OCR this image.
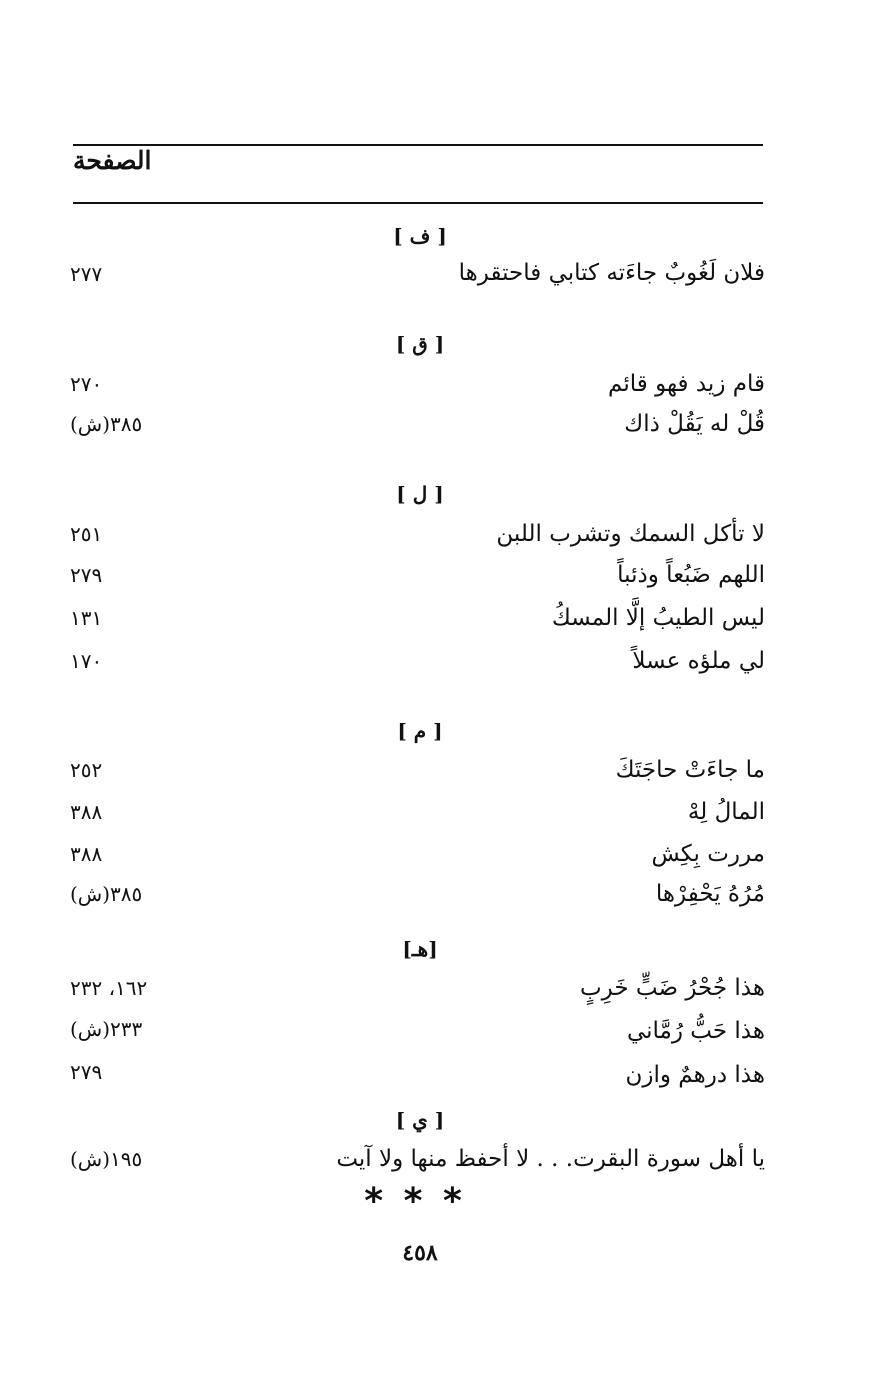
الصفحة
[ ف ]
فلان لَغُوبٌ جاءَته كتابي فاحتقرها
٢٧٧
[ ق ]
قام زيد فهو قائم
٢٧٠
قُلْ له يَقُلْ ذاك
٣٨٥(ش)
[ ل ]
لا تأكل السمك وتشرب اللبن
٢٥١
اللهم ضَبُعاً وذئباً
٢٧٩
ليس الطيبُ إلَّا المسكُ
١٣١
لي ملؤه عسلاً
١٧٠
[ م ]
ما جاءَتْ حاجَتَكَ
٢٥٢
المالُ لِهْ
٣٨٨
مررت بِكِش
٣٨٨
مُرُهُ يَحْفِرْها
٣٨٥(ش)
[هـ]
هذا جُحْرُ ضَبٍّ خَرِبٍ
١٦٢، ٢٣٢
هذا حَبُّ رُمَّاني
٢٣٣(ش)
هذا درهمٌ وازن
٢٧٩
[ ي ]
يا أهل سورة البقرت. . . لا أحفظ منها ولا آيت
١٩٥(ش)
* * *
٤٥٨
